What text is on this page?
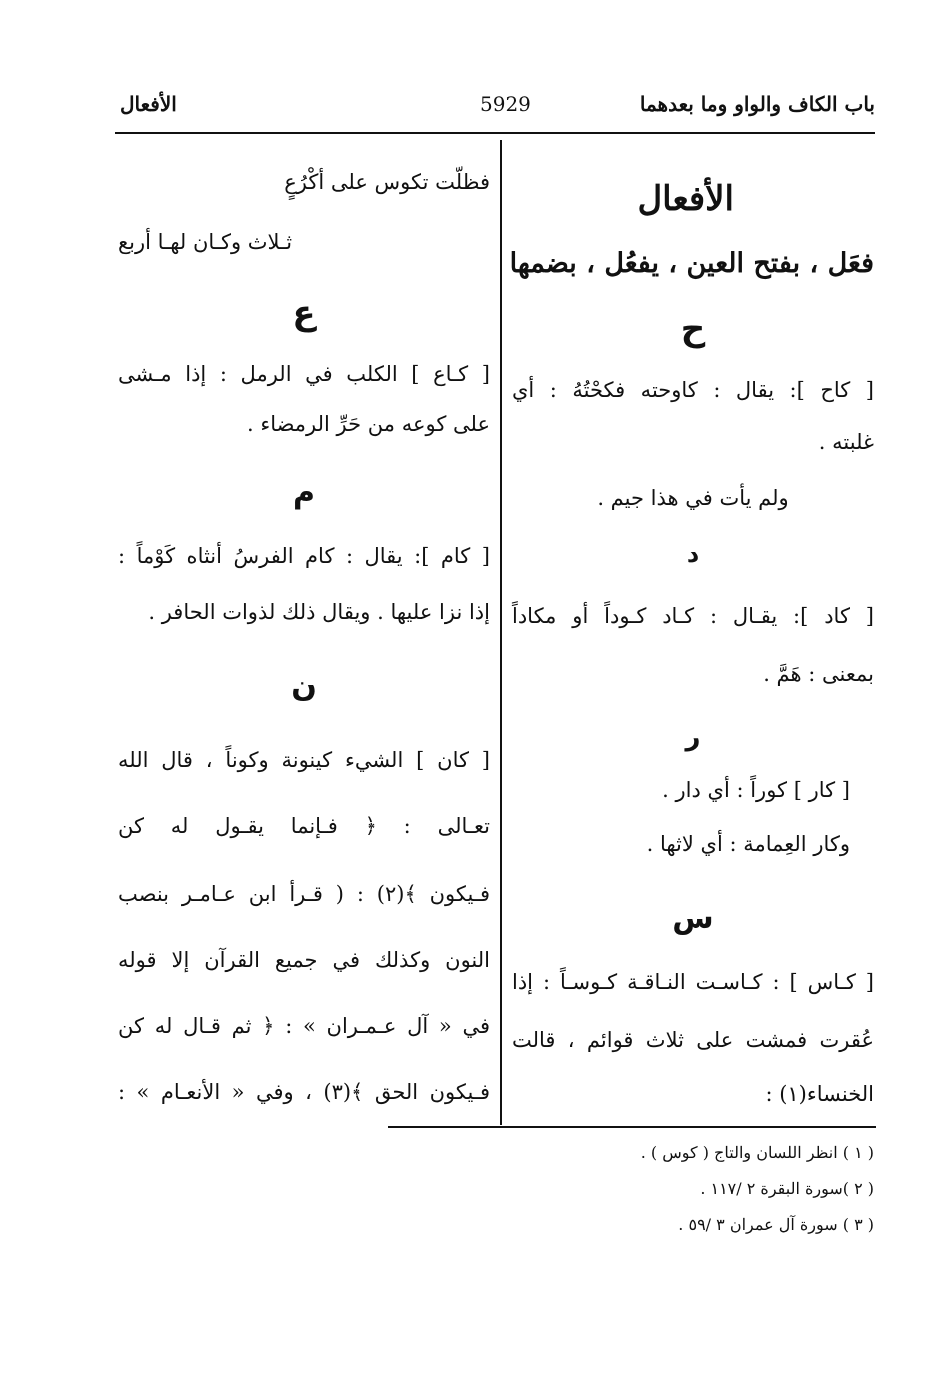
باب الكاف والواو وما بعدهما
5929
الأفعال
الأفعال
فعَل ، بفتح العين ، يفعُل ، بضمها
ح
[ كاح ]: يقال : كاوحته فكحْتُهُ : أي
غلبته .
ولم يأت في هذا جيم .
د
[ كاد ]: يقـال : كـاد كـوداً أو مكاداً
بمعنى : هَمَّ .
ر
[ كار ] كوراً : أي دار .
وكار العِمامة : أي لاثها .
س
[ كـاس ] : كـاسـت النـاقـة كـوسـاً : إذا
عُقرت فمشت على ثلاث قوائم ، قالت
الخنساء(١) :
فظلّت تكوس على أكْرُعٍ
ثـلاث وكـان لهـا أربع
ع
[ كـاع ] الكلب في الرمل : إذا مـشى
على كوعه من حَرِّ الرمضاء .
م
[ كام ]: يقال : كام الفرسُ أنثاه كَوْماً :
إذا نزا عليها . ويقال ذلك لذوات الحافر .
ن
[ كان ] الشيء كينونة وكوناً ، قال الله
تعـالى : ﴿ فـإنما يقـول له كن
فـيكون ﴾(٢) : ( قـرأ ابن عـامـر بنصب
النون وكذلك في جميع القرآن إلا قوله
في « آل عـمـران » : ﴿ ثم قـال له كن
فـيكون الحق ﴾(٣) ، وفي « الأنعـام » :
( ١ ) انظر اللسان والتاج ( كوس ) .
( ٢ )سورة البقرة ٢ /١١٧ .
( ٣ ) سورة آل عمران ٣ /٥٩ .
